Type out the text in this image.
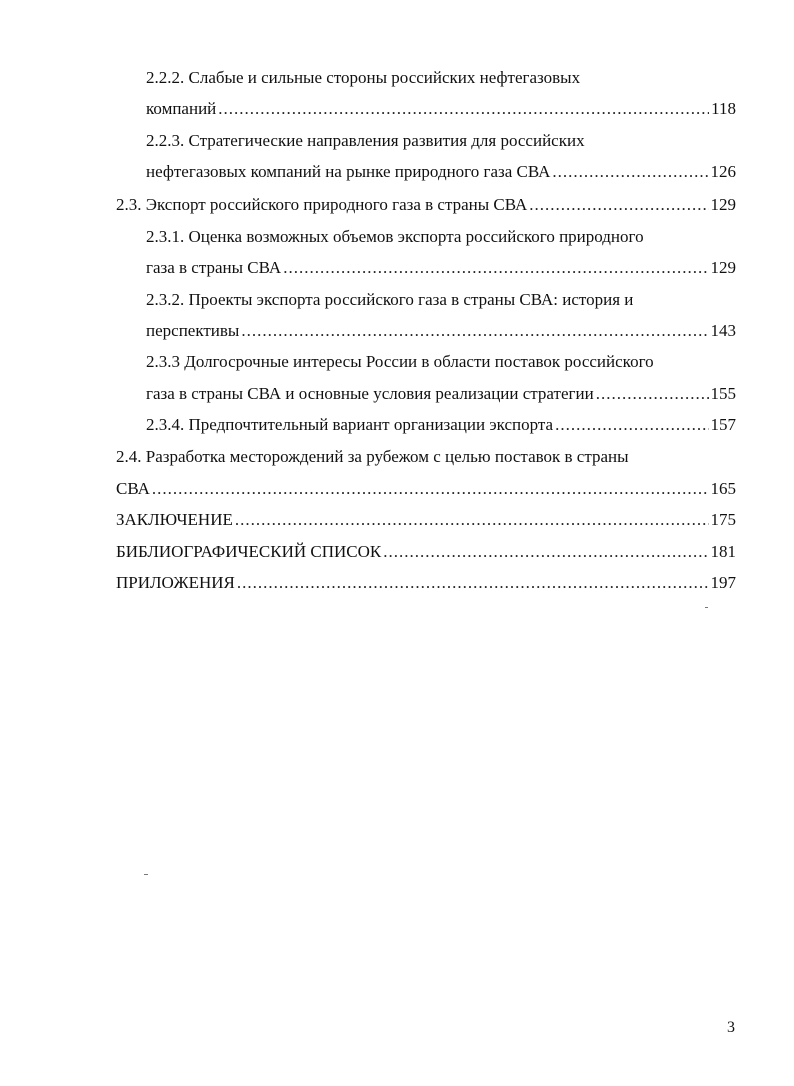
2.2.2. Слабые и сильные стороны российских нефтегазовых
компаний .....	118
2.2.3. Стратегические направления развития для российских
нефтегазовых компаний на рынке природного газа СВА .....	126
2.3. Экспорт российского природного газа в страны СВА .....	129
2.3.1. Оценка возможных объемов экспорта российского природного
газа в страны СВА .....	129
2.3.2. Проекты экспорта российского газа в страны СВА: история и
перспективы .....	143
2.3.3 Долгосрочные интересы России в области поставок российского
газа в страны СВА и основные условия реализации стратегии .....	155
2.3.4. Предпочтительный вариант организации экспорта .....	157
2.4. Разработка месторождений за рубежом с целью поставок в страны
СВА .....	165
ЗАКЛЮЧЕНИЕ .....	175
БИБЛИОГРАФИЧЕСКИЙ СПИСОК .....	181
ПРИЛОЖЕНИЯ .....	197
3
